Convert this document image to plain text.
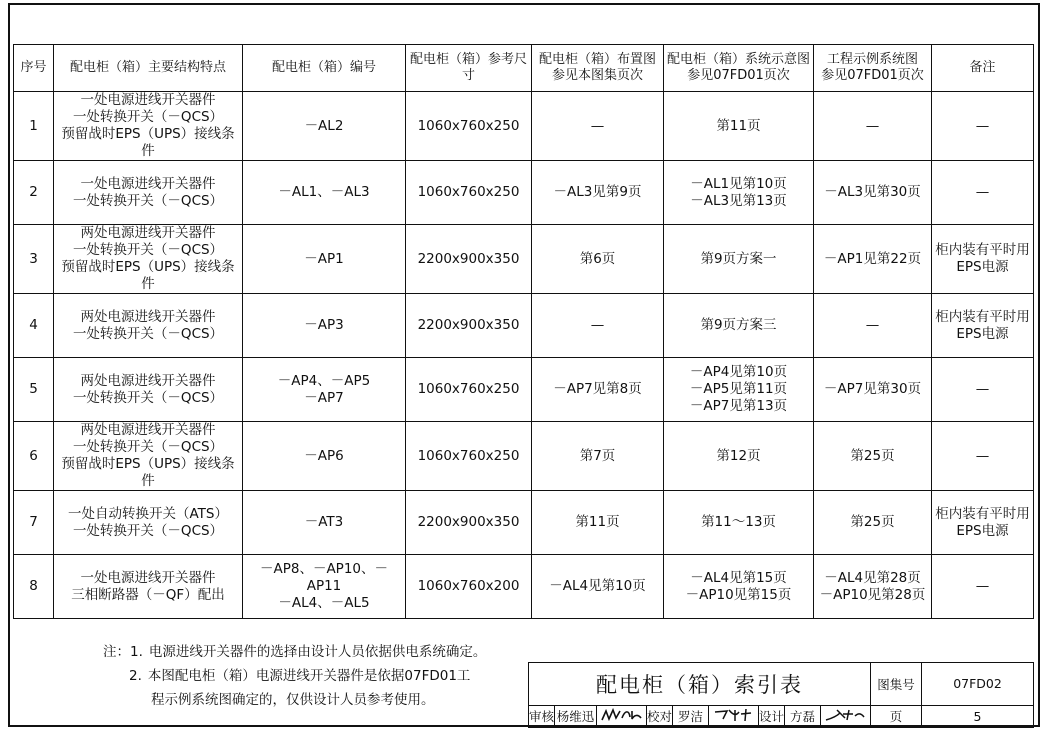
序号	配电柜（箱）主要结构特点	配电柜（箱）编号	配电柜（箱）参考尺寸	配电柜（箱）布置图
参见本图集页次	配电柜（箱）系统示意图
参见07FD01页次	工程示例系统图
参见07FD01页次	备注
1	一处电源进线开关器件
一处转换开关（－QCS）
预留战时EPS（UPS）接线条件	－AL2	1060x760x250	—	第11页	—	—
2	一处电源进线开关器件
一处转换开关（－QCS）	－AL1、－AL3	1060x760x250	－AL3见第9页	－AL1见第10页
－AL3见第13页	－AL3见第30页	—
3	两处电源进线开关器件
一处转换开关（－QCS）
预留战时EPS（UPS）接线条件	－AP1	2200x900x350	第6页	第9页方案一	－AP1见第22页	柜内装有平时用
EPS电源
4	两处电源进线开关器件
一处转换开关（－QCS）	－AP3	2200x900x350	—	第9页方案三	—	柜内装有平时用
EPS电源
5	两处电源进线开关器件
一处转换开关（－QCS）	－AP4、－AP5
－AP7	1060x760x250	－AP7见第8页	－AP4见第10页
－AP5见第11页
－AP7见第13页	－AP7见第30页	—
6	两处电源进线开关器件
一处转换开关（－QCS）
预留战时EPS（UPS）接线条件	－AP6	1060x760x250	第7页	第12页	第25页	—
7	一处自动转换开关（ATS）
一处转换开关（－QCS）	－AT3	2200x900x350	第11页	第11～13页	第25页	柜内装有平时用
EPS电源
8	一处电源进线开关器件
三相断路器（－QF）配出	－AP8、－AP10、－AP11
－AL4、－AL5	1060x760x200	－AL4见第10页	－AL4见第15页
－AP10见第15页	－AL4见第28页
－AP10见第28页	—
注：1. 电源进线开关器件的选择由设计人员依据供电系统确定。
2. 本图配电柜（箱）电源进线开关器件是依据07FD01工
程示例系统图确定的，仅供设计人员参考使用。
配电柜（箱）索引表									图集号	07FD02
审核	杨维迅		校对	罗洁		设计	方磊		页	5
